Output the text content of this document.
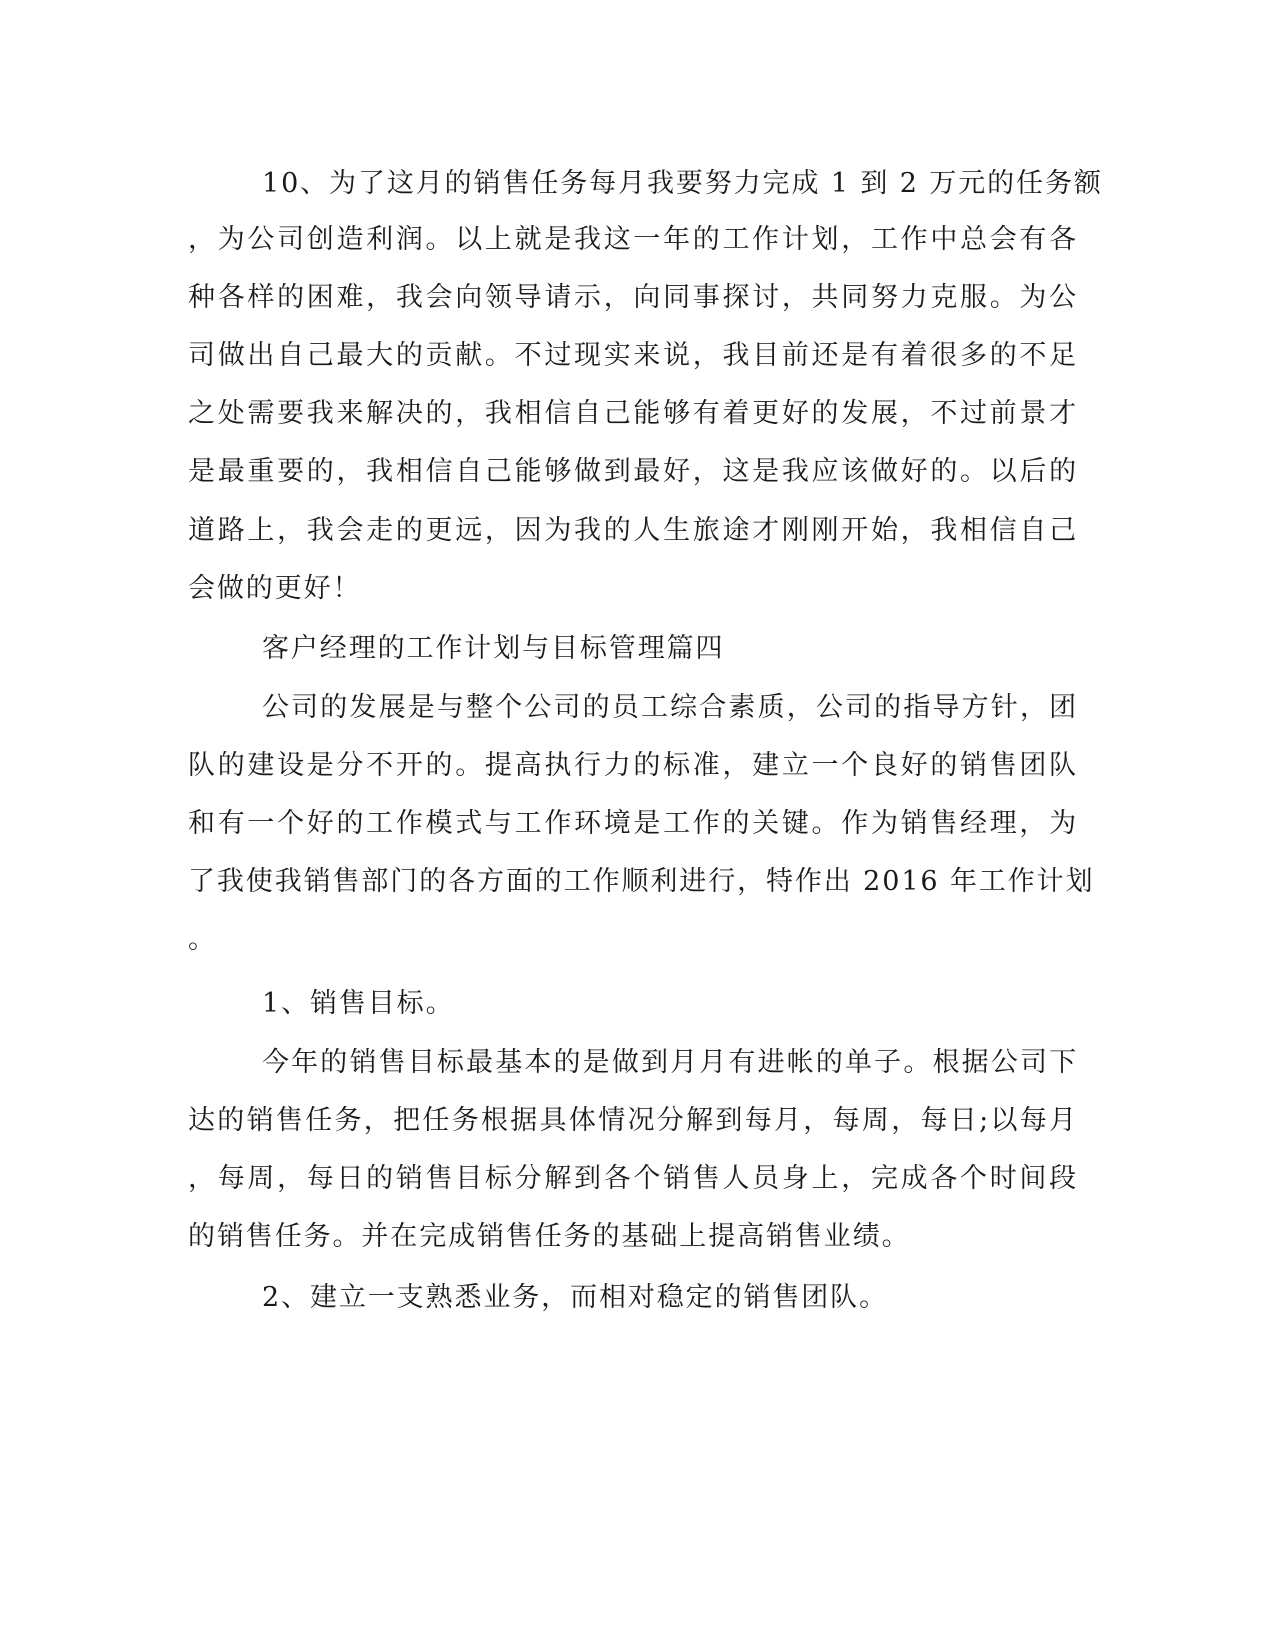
10、为了这月的销售任务每月我要努力完成 1 到 2 万元的任务额
，为公司创造利润。以上就是我这一年的工作计划，工作中总会有各
种各样的困难，我会向领导请示，向同事探讨，共同努力克服。为公
司做出自己最大的贡献。不过现实来说，我目前还是有着很多的不足
之处需要我来解决的，我相信自己能够有着更好的发展，不过前景才
是最重要的，我相信自己能够做到最好，这是我应该做好的。以后的
道路上，我会走的更远，因为我的人生旅途才刚刚开始，我相信自己
会做的更好！
客户经理的工作计划与目标管理篇四
公司的发展是与整个公司的员工综合素质，公司的指导方针，团
队的建设是分不开的。提高执行力的标准，建立一个良好的销售团队
和有一个好的工作模式与工作环境是工作的关键。作为销售经理，为
了我使我销售部门的各方面的工作顺利进行，特作出 2016 年工作计划
。
1、销售目标。
今年的销售目标最基本的是做到月月有进帐的单子。根据公司下
达的销售任务，把任务根据具体情况分解到每月，每周，每日;以每月
，每周，每日的销售目标分解到各个销售人员身上，完成各个时间段
的销售任务。并在完成销售任务的基础上提高销售业绩。
2、建立一支熟悉业务，而相对稳定的销售团队。
